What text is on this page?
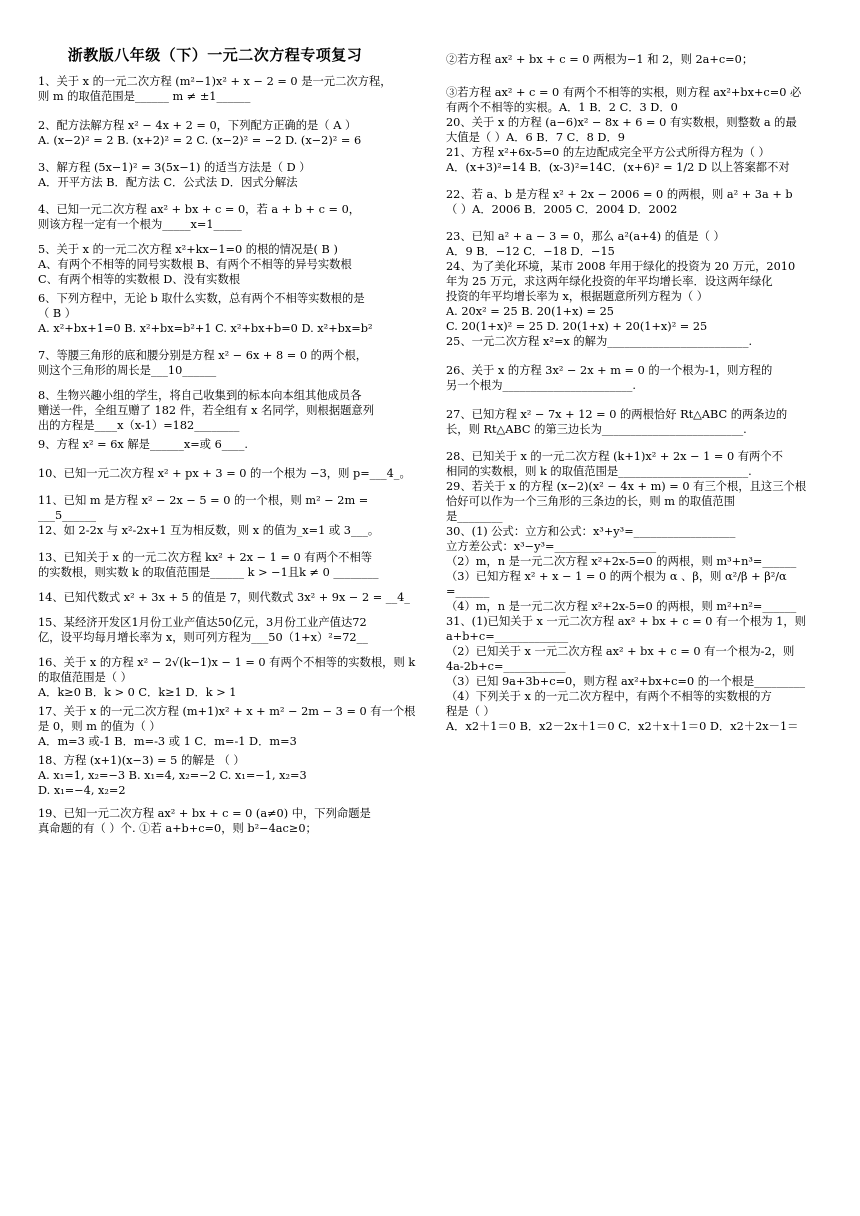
浙教版八年级（下）一元二次方程专项复习
1、关于 x 的一元二次方程 (m²−1)x² + x − 2 = 0 是一元二次方程，
则 m 的取值范围是______ m ≠ ±1______
2、配方法解方程 x² − 4x + 2 = 0，下列配方正确的是（ A ）
A. (x−2)² = 2 B. (x+2)² = 2 C. (x−2)² = −2 D. (x−2)² = 6
3、解方程 (5x−1)² = 3(5x−1) 的适当方法是（ D ）
A．开平方法 B．配方法 C．公式法 D．因式分解法
4、已知一元二次方程 ax² + bx + c = 0，若 a + b + c = 0，
则该方程一定有一个根为_____x=1_____
5、关于 x 的一元二次方程 x²+kx−1=0 的根的情况是( B )
A、有两个不相等的同号实数根 B、有两个不相等的异号实数根
C、有两个相等的实数根 D、没有实数根
6、下列方程中，无论 b 取什么实数，总有两个不相等实数根的是
（ B ）
A. x²+bx+1=0 B. x²+bx=b²+1 C. x²+bx+b=0 D. x²+bx=b²
7、等腰三角形的底和腰分别是方程 x² − 6x + 8 = 0 的两个根，
则这个三角形的周长是___10______
8、生物兴趣小组的学生，将自己收集到的标本向本组其他成员各
赠送一件，全组互赠了 182 件，若全组有 x 名同学，则根据题意列
出的方程是____x（x-1）=182________
9、方程 x² = 6x 解是______x=或 6____.
10、已知一元二次方程 x² + px + 3 = 0 的一个根为 −3，则 p=___4_。
11、已知 m 是方程 x² − 2x − 5 = 0 的一个根，则 m² − 2m = ___5______
12、如 2-2x 与 x²-2x+1 互为相反数，则 x 的值为_x=1 或 3___。
13、已知关于 x 的一元二次方程 kx² + 2x − 1 = 0 有两个不相等
的实数根，则实数 k 的取值范围是______ k > −1且k ≠ 0 ________
14、已知代数式 x² + 3x + 5 的值是 7，则代数式 3x² + 9x − 2 = __4_
15、某经济开发区1月份工业产值达50亿元，3月份工业产值达72
亿，设平均每月增长率为 x，则可列方程为___50（1+x）²=72__
16、关于 x 的方程 x² − 2√(k−1)x − 1 = 0 有两个不相等的实数根，则 k
的取值范围是（ ）
A．k≥0 B．k > 0 C．k≥1 D．k > 1
17、关于 x 的一元二次方程 (m+1)x² + x + m² − 2m − 3 = 0 有一个根
是 0，则 m 的值为（ ）
A．m=3 或-1 B．m=-3 或 1 C．m=-1 D．m=3
18、方程 (x+1)(x−3) = 5 的解是 （ ）
A. x₁=1, x₂=−3 B. x₁=4, x₂=−2 C. x₁=−1, x₂=3
D. x₁=−4, x₂=2
19、已知一元二次方程 ax² + bx + c = 0 (a≠0) 中，下列命题是
真命题的有（ ）个. ①若 a+b+c=0，则 b²−4ac≥0；
②若方程 ax² + bx + c = 0 两根为−1 和 2，则 2a+c=0；
③若方程 ax² + c = 0 有两个不相等的实根，则方程 ax²+bx+c=0 必
有两个不相等的实根。A．1 B．2 C．3 D．0
20、关于 x 的方程 (a−6)x² − 8x + 6 = 0 有实数根，则整数 a 的最
大值是（ ）A．6 B．7 C．8 D．9
21、方程 x²+6x-5=0 的左边配成完全平方公式所得方程为（ ）
A．(x+3)²=14 B．(x-3)²=14C．(x+6)² = 1/2 D 以上答案都不对
22、若 a、b 是方程 x² + 2x − 2006 = 0 的两根，则 a² + 3a + b
（ ）A．2006 B．2005 C．2004 D．2002
23、已知 a² + a − 3 = 0，那么 a²(a+4) 的值是（ ）
A．9 B．−12 C．−18 D．−15
24、为了美化环境，某市 2008 年用于绿化的投资为 20 万元，2010
年为 25 万元，求这两年绿化投资的年平均增长率．设这两年绿化
投资的年平均增长率为 x，根据题意所列方程为（ ）
A. 20x² = 25 B. 20(1+x) = 25
C. 20(1+x)² = 25 D. 20(1+x) + 20(1+x)² = 25
25、一元二次方程 x²=x 的解为_________________________.
26、关于 x 的方程 3x² − 2x + m = 0 的一个根为-1，则方程的
另一个根为_______________________.
27、已知方程 x² − 7x + 12 = 0 的两根恰好 Rt△ABC 的两条边的
长，则 Rt△ABC 的第三边长为_________________________.
28、已知关于 x 的一元二次方程 (k+1)x² + 2x − 1 = 0 有两个不
相同的实数根，则 k 的取值范围是_______________________.
29、若关于 x 的方程 (x−2)(x² − 4x + m) = 0 有三个根，且这三个根
恰好可以作为一个三角形的三条边的长，则 m 的取值范围
是________
30、(1) 公式：立方和公式：x³+y³=__________________
立方差公式：x³−y³=__________________
（2）m，n 是一元二次方程 x²+2x-5=0 的两根，则 m³+n³=______
（3）已知方程 x² + x − 1 = 0 的两个根为 α 、β，则 α²/β + β²/α =______
（4）m，n 是一元二次方程 x²+2x-5=0 的两根，则 m²+n²=______
31、(1)已知关于 x 一元二次方程 ax² + bx + c = 0 有一个根为 1，则
a+b+c=_____________
（2）已知关于 x 一元二次方程 ax² + bx + c = 0 有一个根为-2，则
4a-2b+c=___________
（3）已知 9a+3b+c=0，则方程 ax²+bx+c=0 的一个根是_________
（4）下列关于 x 的一元二次方程中，有两个不相等的实数根的方
程是（ ）
A．x2＋1＝0 B．x2－2x＋1＝0 C．x2＋x＋1＝0 D．x2＋2x－1＝
